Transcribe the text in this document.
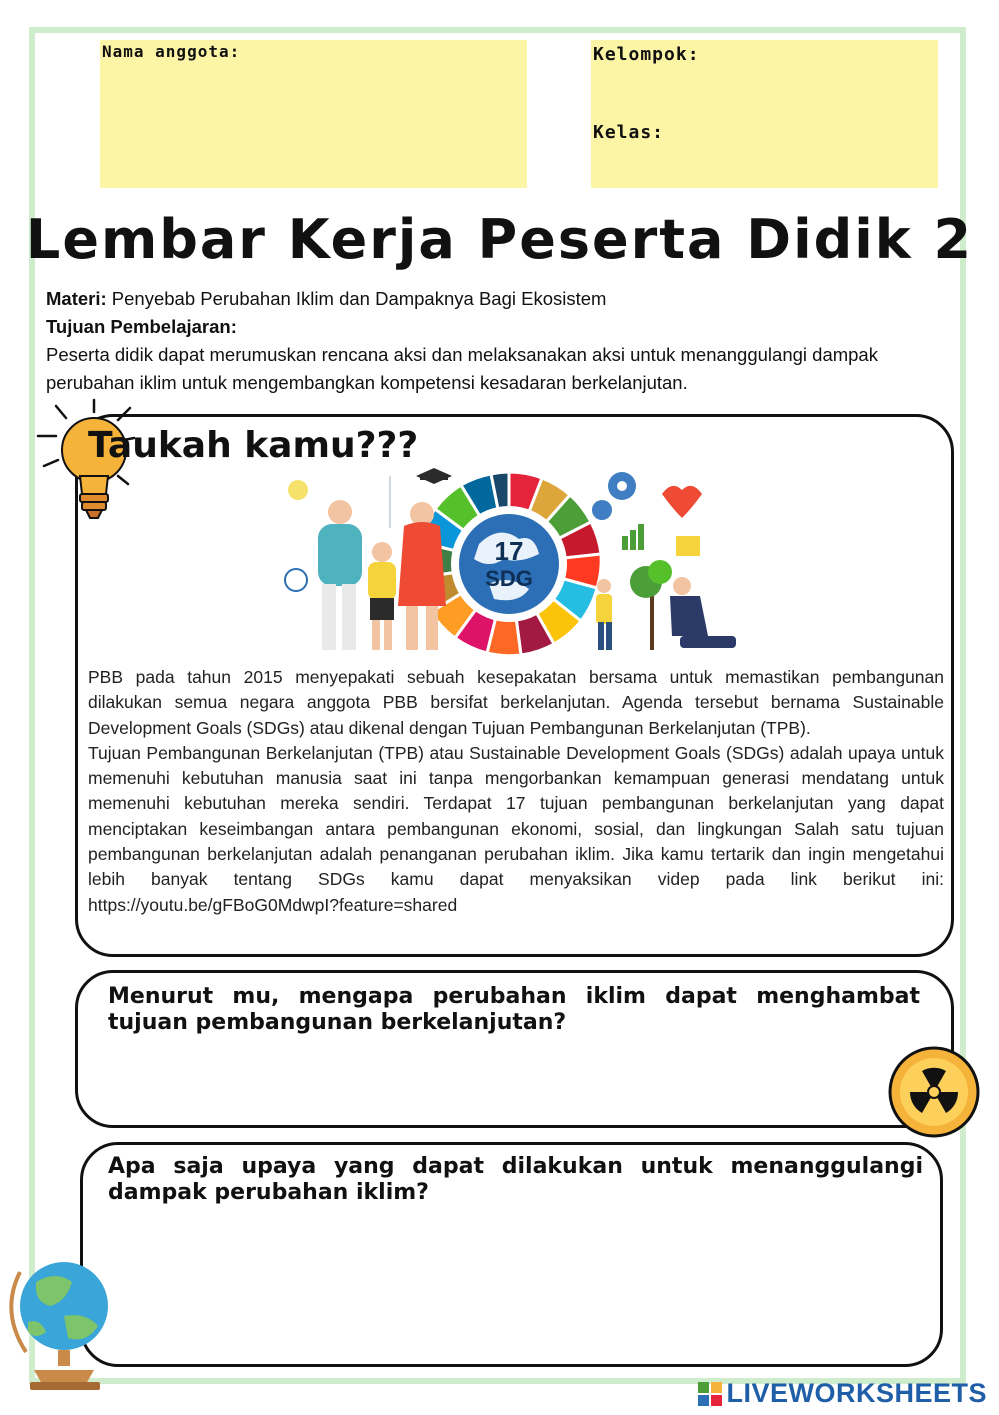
Nama anggota:	Kelompok:
Kelas:
Lembar Kerja Peserta Didik 2
Materi: Penyebab Perubahan Iklim dan Dampaknya Bagi Ekosistem
Tujuan Pembelajaran:
Peserta didik dapat merumuskan rencana aksi dan melaksanakan aksi untuk menanggulangi dampak perubahan iklim untuk mengembangkan kompetensi kesadaran berkelanjutan.
Taukah kamu???
17
SDG

PBB pada tahun 2015 menyepakati sebuah kesepakatan bersama untuk memastikan pembangunan dilakukan semua negara anggota PBB bersifat berkelanjutan. Agenda tersebut bernama Sustainable Development Goals (SDGs) atau dikenal dengan Tujuan Pembangunan Berkelanjutan (TPB).

Tujuan Pembangunan Berkelanjutan (TPB) atau Sustainable Development Goals (SDGs) adalah upaya untuk memenuhi kebutuhan manusia saat ini tanpa mengorbankan kemampuan generasi mendatang untuk memenuhi kebutuhan mereka sendiri. Terdapat 17 tujuan pembangunan berkelanjutan yang dapat menciptakan keseimbangan antara pembangunan ekonomi, sosial, dan lingkungan Salah satu tujuan pembangunan berkelanjutan adalah penanganan perubahan iklim. Jika kamu tertarik dan ingin mengetahui lebih banyak tentang SDGs kamu dapat menyaksikan videp pada link berikut ini: https://youtu.be/gFBoG0MdwpI?feature=shared

Menurut mu, mengapa perubahan iklim dapat menghambat tujuan pembangunan berkelanjutan?
Apa saja upaya yang dapat dilakukan untuk menanggulangi dampak perubahan iklim?
LIVEWORKSHEETS
